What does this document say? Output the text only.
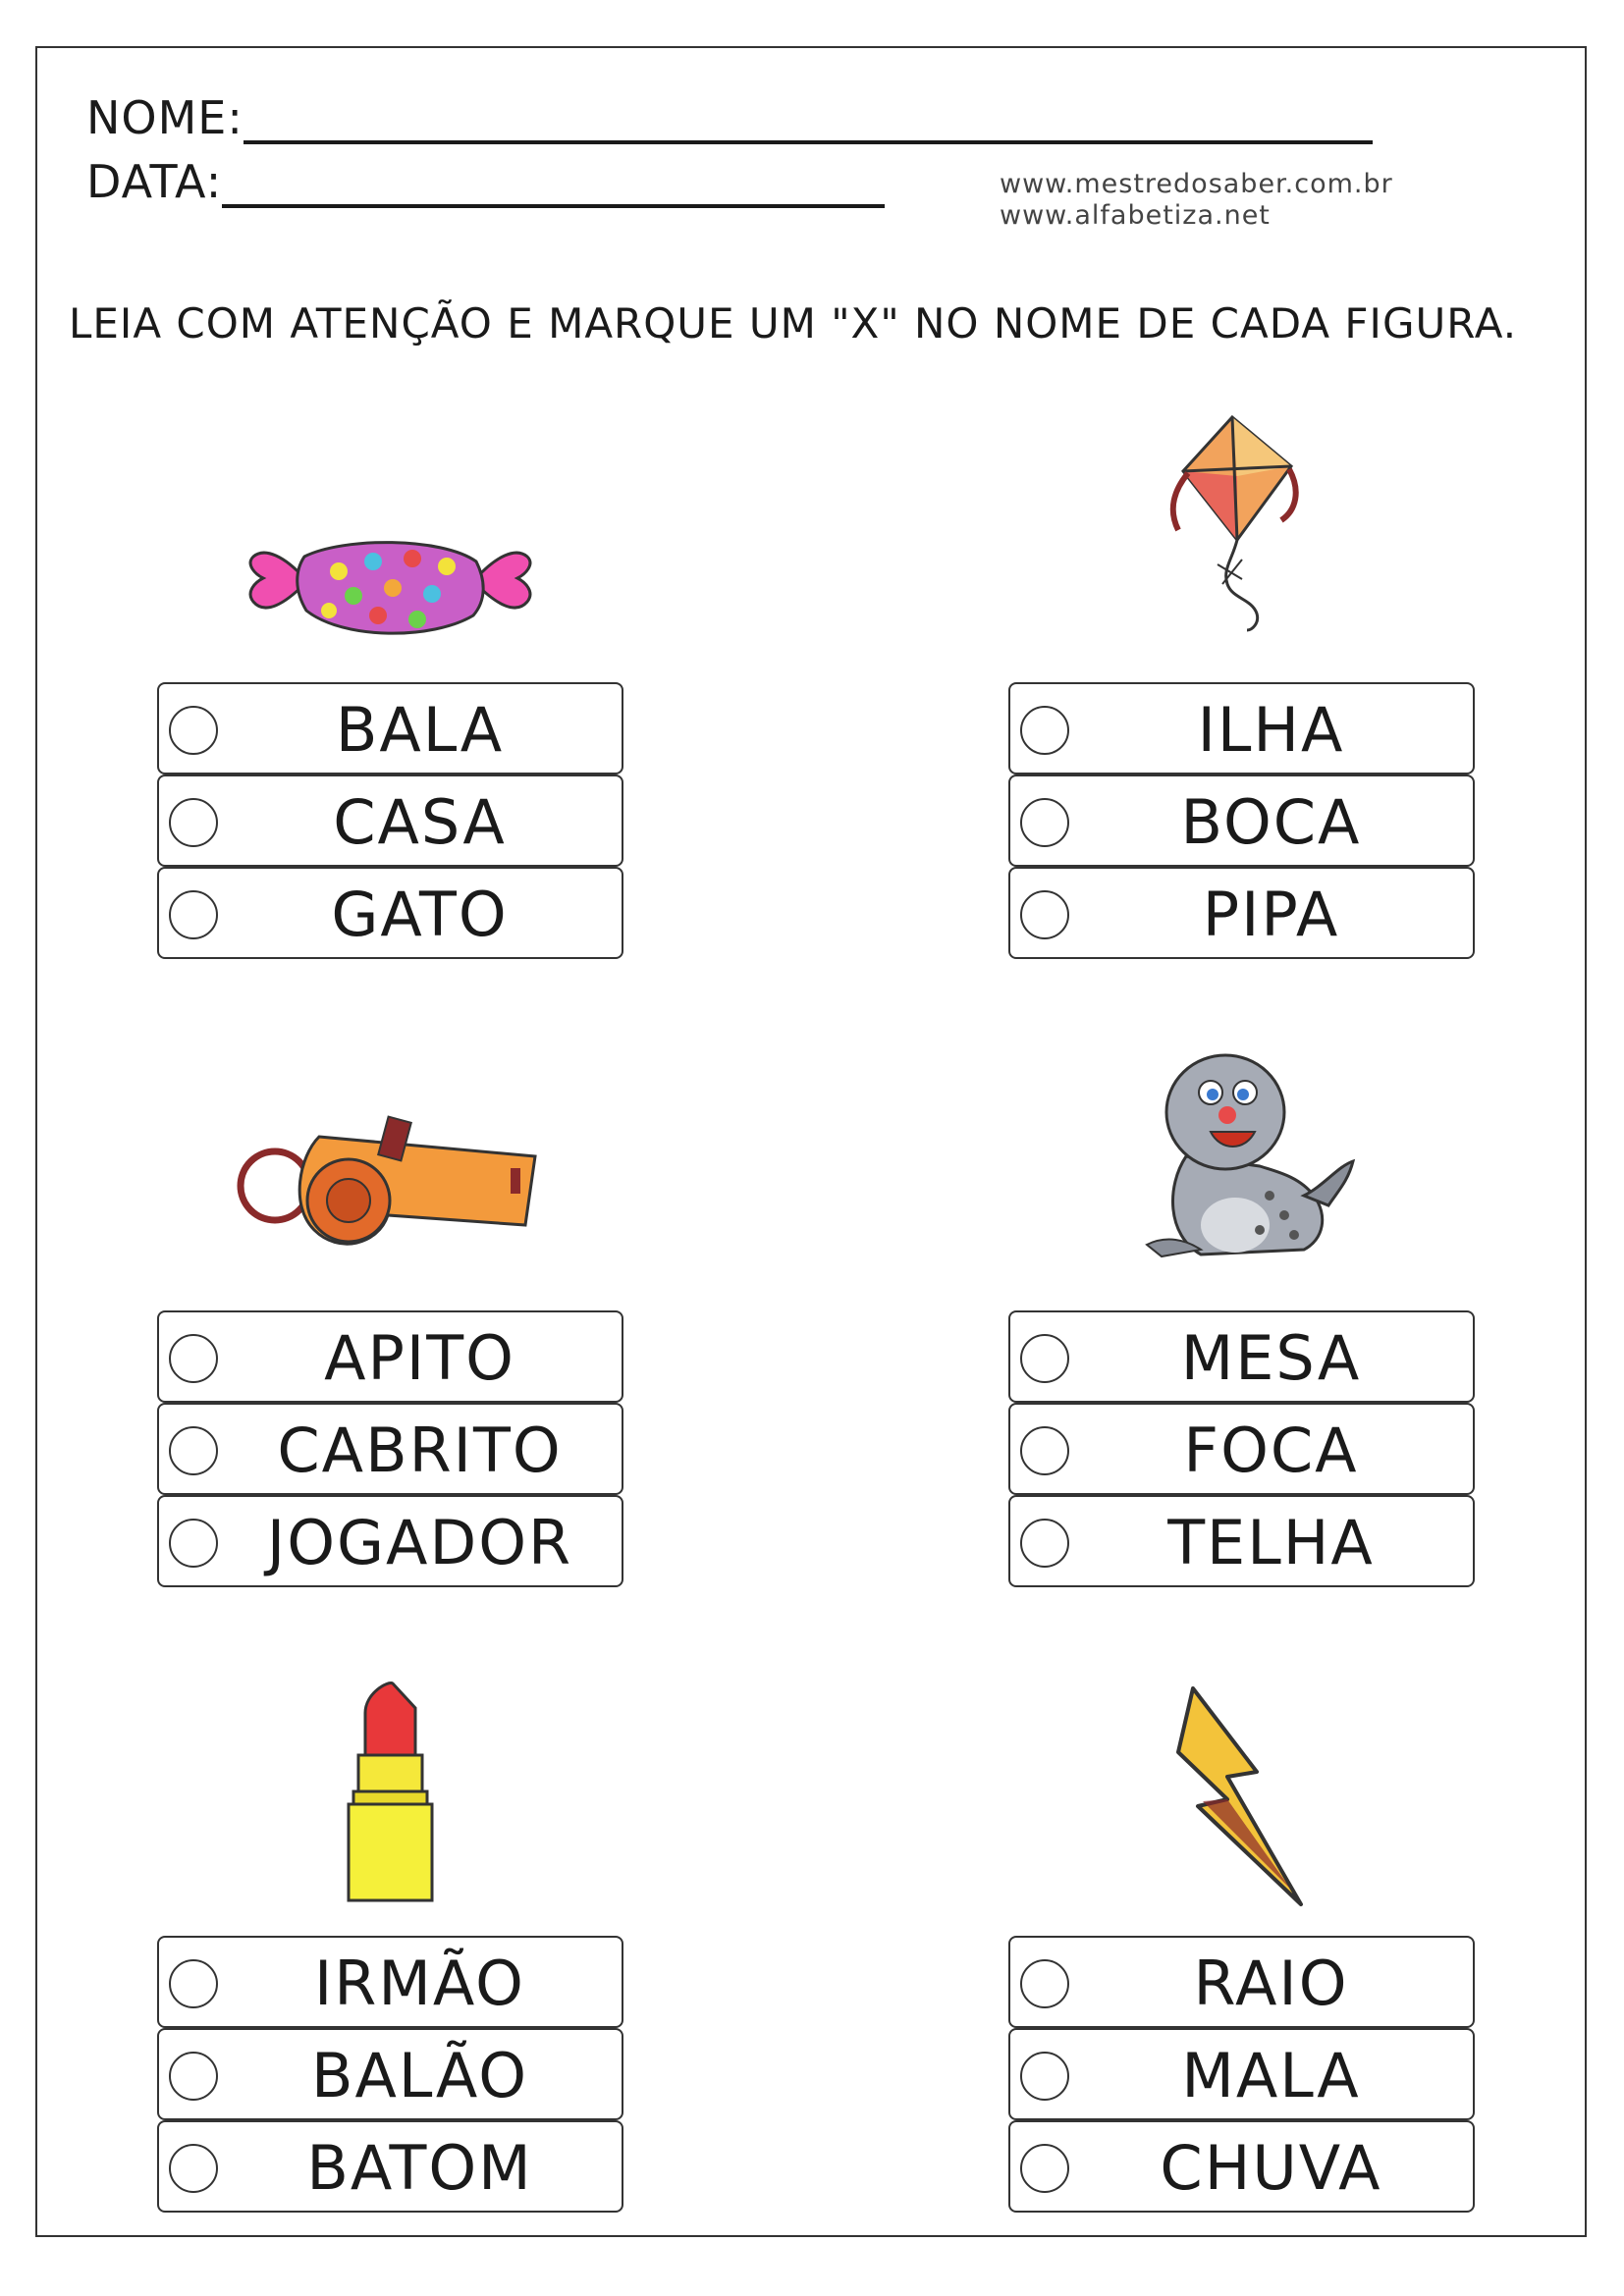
NOME:
DATA:	www.mestredosaber.com.br
www.alfabetiza.net
LEIA COM ATENÇÃO E MARQUE UM "X" NO NOME DE CADA FIGURA.
BALA
CASA
GATO
ILHA
BOCA
PIPA
APITO
CABRITO
JOGADOR
MESA
FOCA
TELHA
IRMÃO
BALÃO
BATOM
RAIO
MALA
CHUVA
